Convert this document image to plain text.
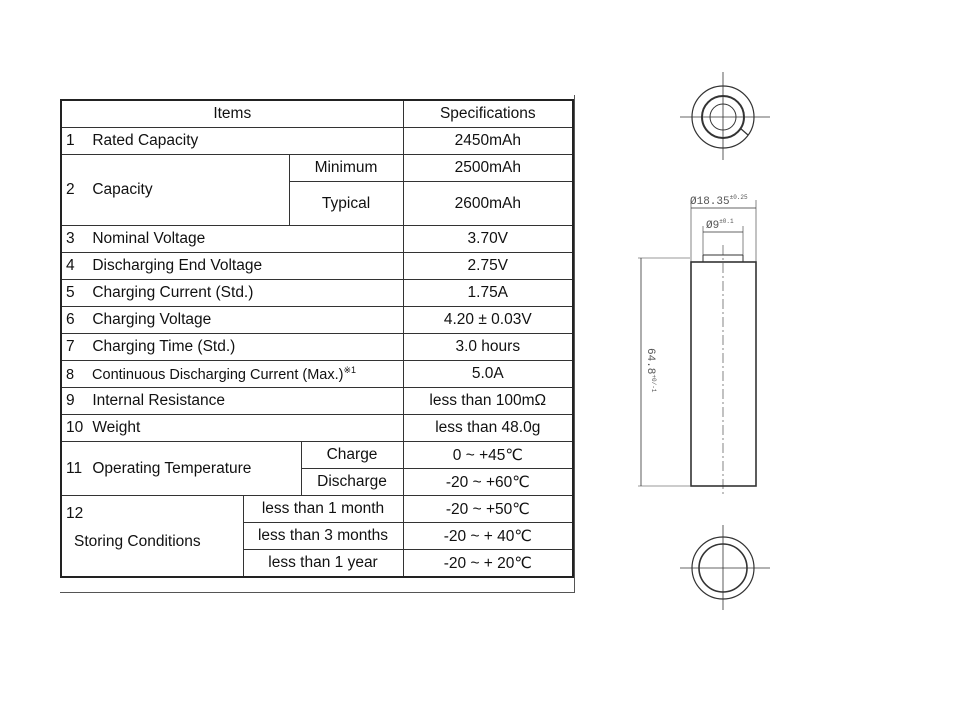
Items				Specifications
1 Rated Capacity				2450mAh
2 Capacity		Minimum		2500mAh
		Typical		2600mAh
3 Nominal Voltage				3.70V
4 Discharging End Voltage				2.75V
5 Charging Current (Std.)				1.75A
6 Charging Voltage				4.20 ± 0.03V
7 Charging Time (Std.)				3.0 hours
8 Continuous Discharging Current $(Max.)^{※1}$				5.0A
9 Internal Resistance				less than 100mΩ
10 Weight				less than 48.0g
11 Operating Temperature			Charge	0 ~ +45℃
			Discharge	-20 ~ +60℃
12
Storing Conditions	less than 1 month			-20 ~ +50℃
	less than 3 months			-20 ~ + 40℃
	less than 1 year			-20 ~ + 20℃
$Ø18.35^{\pm 0.25}$
$Ø9^{\pm 0.1}$
$64.8^{+0/-1}$
